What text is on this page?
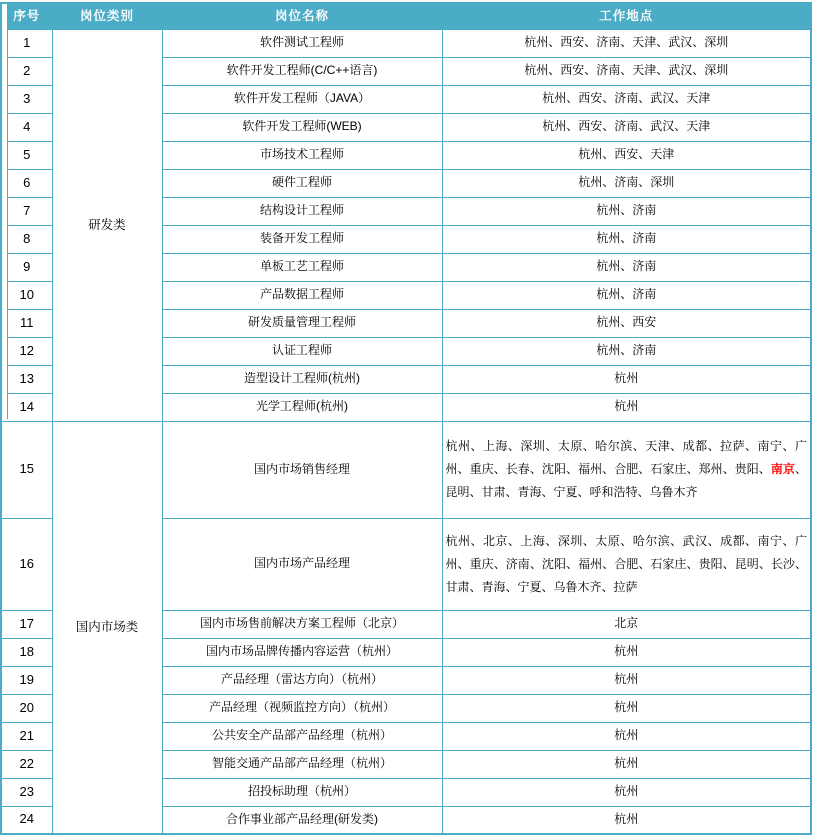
序号	岗位类别	岗位名称	工作地点
1	研发类	软件测试工程师	杭州、西安、济南、天津、武汉、深圳
2		软件开发工程师(C/C++语言)	杭州、西安、济南、天津、武汉、深圳
3		软件开发工程师（JAVA）	杭州、西安、济南、武汉、天津
4		软件开发工程师(WEB)	杭州、西安、济南、武汉、天津
5		市场技术工程师	杭州、西安、天津
6		硬件工程师	杭州、济南、深圳
7		结构设计工程师	杭州、济南
8		装备开发工程师	杭州、济南
9		单板工艺工程师	杭州、济南
10		产品数据工程师	杭州、济南
11		研发质量管理工程师	杭州、西安
12		认证工程师	杭州、济南
13		造型设计工程师(杭州)	杭州
14		光学工程师(杭州)	杭州
15	国内市场类	国内市场销售经理	杭州、上海、深圳、太原、哈尔滨、天津、成都、拉萨、南宁、广州、重庆、长春、沈阳、福州、合肥、石家庄、郑州、贵阳、南京、昆明、甘肃、青海、宁夏、呼和浩特、乌鲁木齐
16		国内市场产品经理	杭州、北京、上海、深圳、太原、哈尔滨、武汉、成都、南宁、广州、重庆、济南、沈阳、福州、合肥、石家庄、贵阳、昆明、长沙、甘肃、青海、宁夏、乌鲁木齐、拉萨
17		国内市场售前解决方案工程师（北京）	北京
18		国内市场品牌传播内容运营（杭州）	杭州
19		产品经理（雷达方向）（杭州）	杭州
20		产品经理（视频监控方向）（杭州）	杭州
21		公共安全产品部产品经理（杭州）	杭州
22		智能交通产品部产品经理（杭州）	杭州
23		招投标助理（杭州）	杭州
24		合作事业部产品经理(研发类)	杭州
